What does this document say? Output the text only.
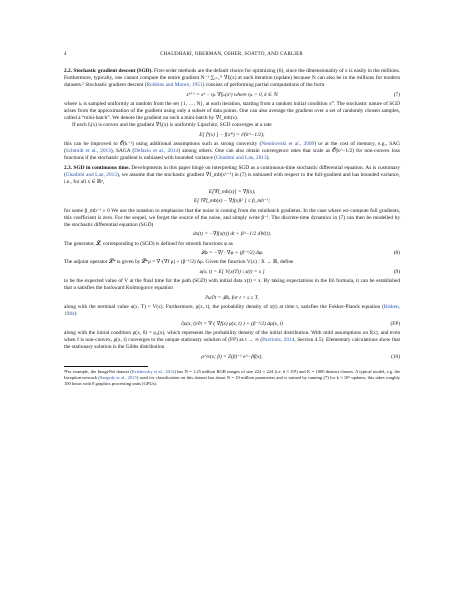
4	CHAUDHARI, OBERMAN, OSHER, SOATTO, AND CARLIER

2.2. Stochastic gradient descent (SGD). First-order methods are the default choice for optimizing (6), since the dimensionality of x is easily in the millions. Furthermore, typically, one cannot compute the entire gradient N⁻¹ ∑ᵢ₌₁ᴺ ∇fᵢ(x) at each iteration (update) because N can also be in the millions for modern datasets.² Stochastic gradient descent (Robbins and Monro, 1951) consists of performing partial computations of the form

xᵏ⁺¹ = xᵏ − ηₖ ∇fᵢₖ(xᵏ) where ηₖ > 0, k ∈ ℕ	(7)

where iₖ is sampled uniformly at random from the set {1, …, N}, at each iteration, starting from a random initial condition x⁰. The stochastic nature of SGD arises from the approximation of the gradient using only a subset of data points. One can also average the gradient over a set of randomly chosen samples, called a “mini-batch”. We denote the gradient on such a mini-batch by ∇f_mb(x).

If each fᵢ(x) is convex and the gradient ∇fᵢ(x) is uniformly Lipschitz, SGD converges at a rate

E[ fᵏ(x) ] − f(x*) = 𝒪(k^−1/2);

this can be improved to 𝒪(k⁻¹) using additional assumptions such as strong convexity (Nemirovski et al., 2009) or at the cost of memory, e.g., SAG (Schmidt et al., 2013), SAGA (Defazio et al., 2014) among others. One can also obtain convergence rates that scale as 𝒪(k^−1/2) for non-convex loss functions if the stochastic gradient is unbiased with bounded variance (Ghadimi and Lan, 2013).

2.3. SGD in continuous time. Developments in this paper hinge on interpreting SGD as a continuous-time stochastic differential equation. As is customary (Ghadimi and Lan, 2013), we assume that the stochastic gradient ∇f_mb(xᵏ⁻¹) in (7) is unbiased with respect to the full-gradient and has bounded variance, i.e., for all x ∈ ℝⁿ,

E[∇f_mb(x)] = ∇f(x),
E[ ‖∇f_mb(x) − ∇f(x)‖² ] ≤ β_mb⁻¹;

for some β_mb⁻¹ ≥ 0 We use the notation to emphasize that the noise is coming from the minibatch gradients. In the case where we compute full gradients, this coefficient is zero. For the sequel, we forget the source of the noise, and simply write β⁻¹. The discrete-time dynamics in (7) can then be modelled by the stochastic differential equation (SGD)

dx(t) = −∇f(x(t)) dt + β^−1/2 dW(t).

The generator, 𝓛, corresponding to (SGD) is defined for smooth functions φ as

𝓛φ = −∇f · ∇φ + (β⁻¹/2) Δφ.	(8)

The adjoint operator 𝓛* is given by 𝓛*ρ = ∇·(∇f ρ) + (β⁻¹/2) Δρ. Given the function V(x) : X → ℝ, define

u(x, t) = E[ V(x(T)) | x(t) = x ]	(9)

to be the expected value of V at the final time for the path (SGD) with initial data x(t) = x. By taking expectations in the Itô formula, it can be established that u satisfies the backward Kolmogorov equation

∂u/∂t = 𝓛u, for t < s ≤ T,

along with the terminal value u(x, T) = V(x). Furthermore, ρ(x, t), the probability density of x(t) at time t, satisfies the Fokker-Planck equation (Risken, 1984)

∂ρ(x, t)/∂t = ∇·( ∇f(x) ρ(x, t) ) + (β⁻¹/2) Δρ(x, t)	(FP)

along with the initial condition ρ(x, 0) = ρ₀(x), which represents the probability density of the initial distribution. With mild assumptions on f(x), and even when f is non-convex, ρ(x, t) converges to the unique stationary solution of (FP) as t → ∞ (Pavliotis, 2014, Section 4.5). Elementary calculations show that the stationary solution is the Gibbs distribution

ρ^∞(x; β) = Z(β)⁻¹ e^−βf(x),	(10)

²For example, the ImageNet dataset (Krizhevsky et al., 2012) has N = 1.25 million RGB images of size 224 × 224 (i.e. d ≈ 10⁵) and K = 1000 distinct classes. A typical model, e.g. the Inception network (Szegedy et al., 2015) used for classification on this dataset has about N = 10 million parameters and is trained by running (7) for k ≈ 10⁵ updates; this takes roughly 100 hours with 8 graphics processing units (GPUs).
